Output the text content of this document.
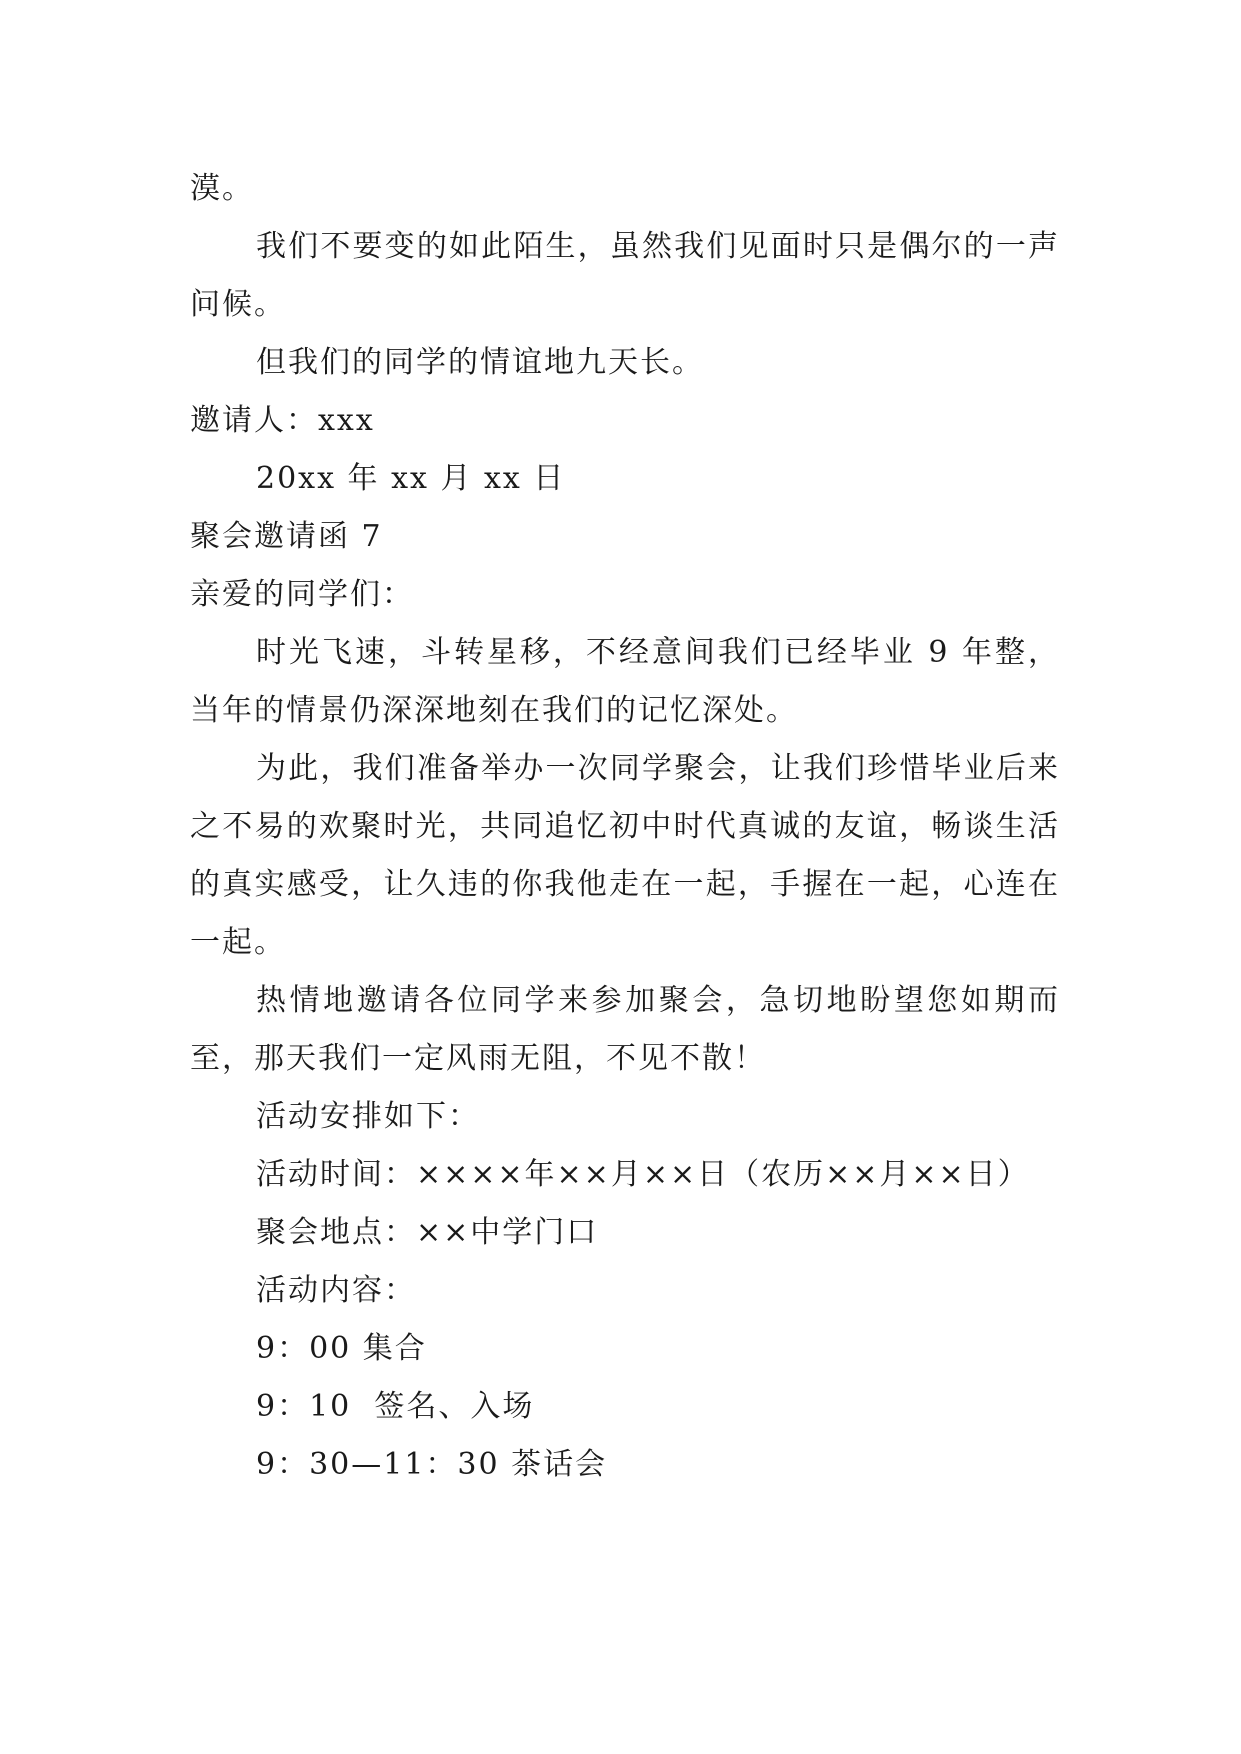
漠。

我们不要变的如此陌生，虽然我们见面时只是偶尔的一声问候。

但我们的同学的情谊地九天长。

邀请人：xxx

20xx 年 xx 月 xx 日

聚会邀请函 7

亲爱的同学们：

时光飞速，斗转星移，不经意间我们已经毕业 9 年整，当年的情景仍深深地刻在我们的记忆深处。

为此，我们准备举办一次同学聚会，让我们珍惜毕业后来之不易的欢聚时光，共同追忆初中时代真诚的友谊，畅谈生活的真实感受，让久违的你我他走在一起，手握在一起，心连在一起。

热情地邀请各位同学来参加聚会，急切地盼望您如期而至，那天我们一定风雨无阻，不见不散！

活动安排如下：

活动时间：××××年××月××日（农历××月××日）

聚会地点：××中学门口

活动内容：

9：00 集合

9：10  签名、入场

9：30—11：30 茶话会
